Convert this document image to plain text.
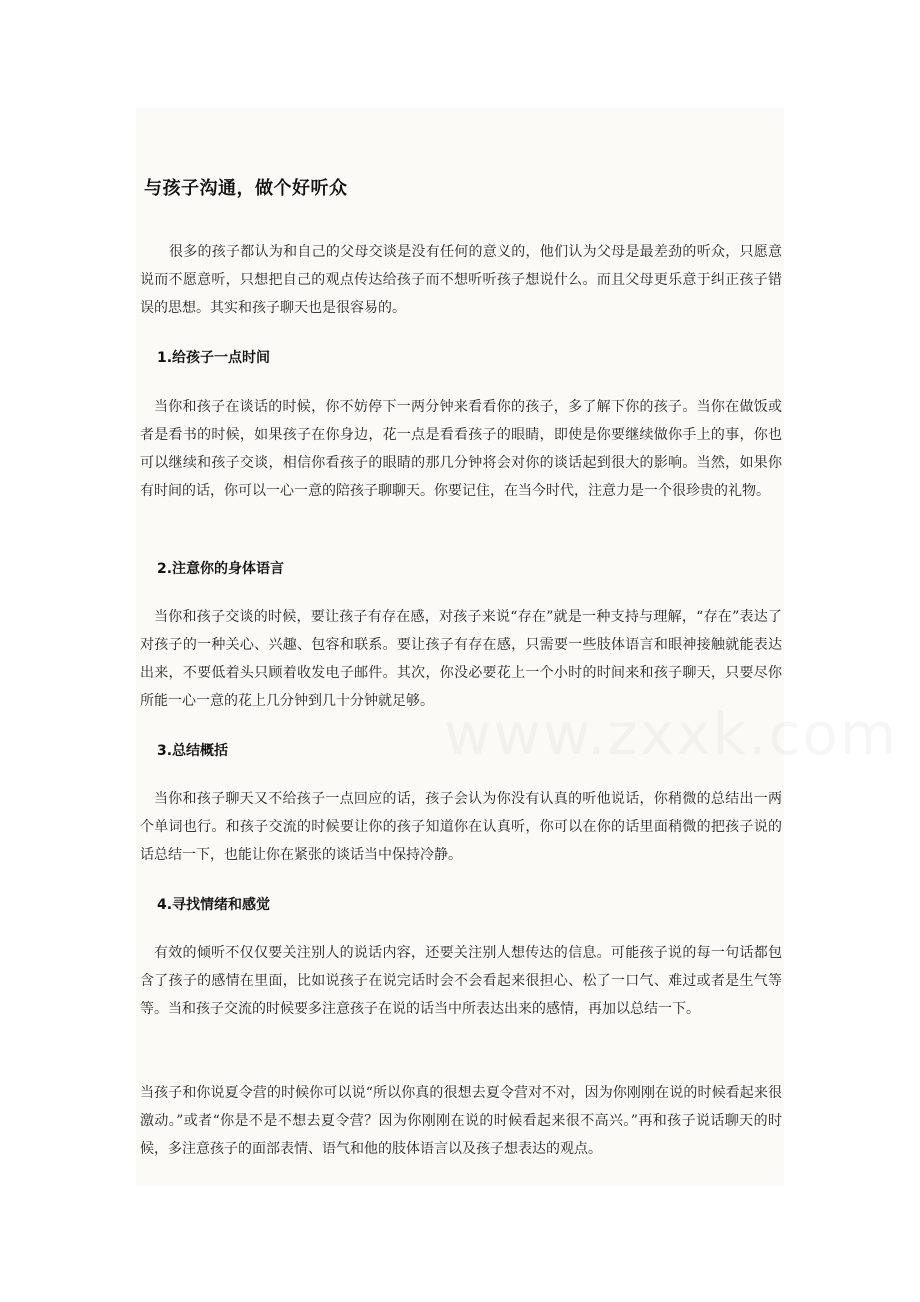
与孩子沟通，做个好听众

很多的孩子都认为和自己的父母交谈是没有任何的意义的，他们认为父母是最差劲的听众，只愿意说而不愿意听，只想把自己的观点传达给孩子而不想听听孩子想说什么。而且父母更乐意于纠正孩子错误的思想。其实和孩子聊天也是很容易的。

1.给孩子一点时间

当你和孩子在谈话的时候，你不妨停下一两分钟来看看你的孩子，多了解下你的孩子。当你在做饭或者是看书的时候，如果孩子在你身边，花一点是看看孩子的眼睛，即使是你要继续做你手上的事，你也可以继续和孩子交谈，相信你看孩子的眼睛的那几分钟将会对你的谈话起到很大的影响。当然，如果你有时间的话，你可以一心一意的陪孩子聊聊天。你要记住，在当今时代，注意力是一个很珍贵的礼物。

2.注意你的身体语言

当你和孩子交谈的时候，要让孩子有存在感，对孩子来说“存在”就是一种支持与理解，“存在”表达了对孩子的一种关心、兴趣、包容和联系。要让孩子有存在感，只需要一些肢体语言和眼神接触就能表达出来，不要低着头只顾着收发电子邮件。其次，你没必要花上一个小时的时间来和孩子聊天，只要尽你所能一心一意的花上几分钟到几十分钟就足够。

3.总结概括

当你和孩子聊天又不给孩子一点回应的话，孩子会认为你没有认真的听他说话，你稍微的总结出一两个单词也行。和孩子交流的时候要让你的孩子知道你在认真听，你可以在你的话里面稍微的把孩子说的话总结一下，也能让你在紧张的谈话当中保持冷静。

4.寻找情绪和感觉

有效的倾听不仅仅要关注别人的说话内容，还要关注别人想传达的信息。可能孩子说的每一句话都包含了孩子的感情在里面，比如说孩子在说完话时会不会看起来很担心、松了一口气、难过或者是生气等等。当和孩子交流的时候要多注意孩子在说的话当中所表达出来的感情，再加以总结一下。

当孩子和你说夏令营的时候你可以说“所以你真的很想去夏令营对不对，因为你刚刚在说的时候看起来很激动。”或者“你是不是不想去夏令营？因为你刚刚在说的时候看起来很不高兴。”再和孩子说话聊天的时候，多注意孩子的面部表情、语气和他的肢体语言以及孩子想表达的观点。
